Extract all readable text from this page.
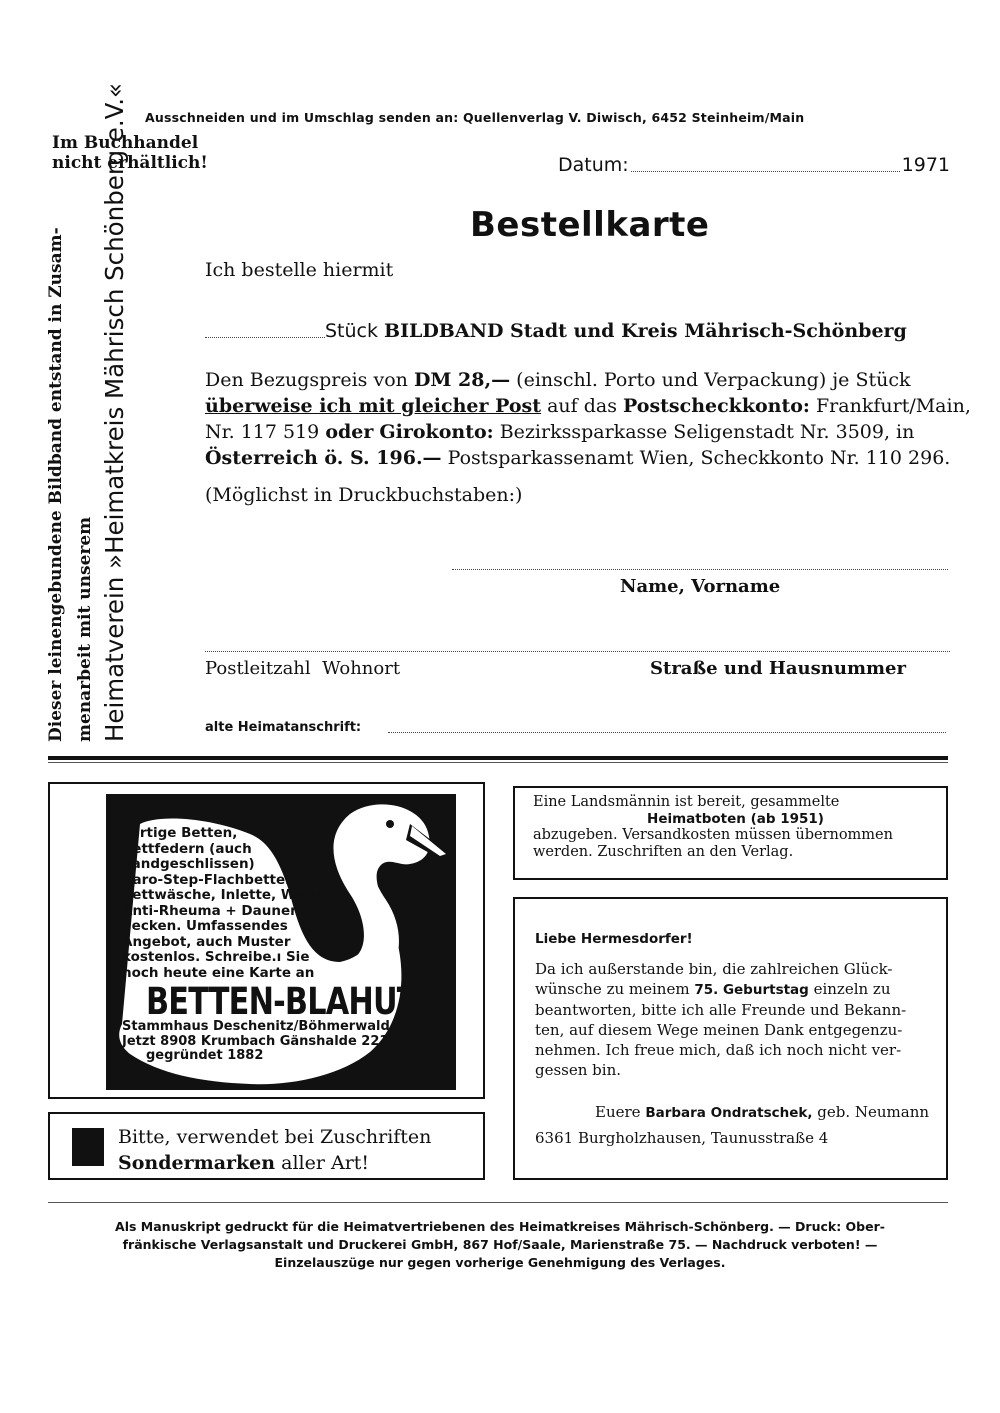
Ausschneiden und im Umschlag senden an: Quellenverlag V. Diwisch, 6452 Steinheim/Main
Im Buchhandel
nicht erhältlich!	Datum:	1971
Dieser leinengebundene Bildband entstand in Zusam- menarbeit mit unserem Heimatverein »Heimatkreis Mährisch Schönberg e.V.«	Bestellkarte
Ich bestelle hiermit
Stück BILDBAND Stadt und Kreis Mährisch-Schönberg
Den Bezugspreis von DM 28,— (einschl. Porto und Verpackung) je Stück
überweise ich mit gleicher Post auf das Postscheckkonto: Frankfurt/Main,
Nr. 117 519 oder Girokonto: Bezirkssparkasse Seligenstadt Nr. 3509, in
Österreich ö. S. 196.— Postsparkassenamt Wien, Scheckkonto Nr. 110 296.
(Möglichst in Druckbuchstaben:)
Name, Vorname
Postleitzahl  Wohnort	Straße und Hausnummer
alte Heimatanschrift:
Fertige Betten,
Bettfedern (auch
handgeschlissen)
Karo-Step-Flachbetten,
Bettwäsche, Inlette, Woll-
Anti-Rheuma + Daunen-
decken. Umfassendes
Angebot, auch Muster
kostenlos. Schreibe.ı Sie
noch heute eine Karte an
BETTEN-BLAHUT
Stammhaus Deschenitz/Böhmerwald
Jetzt 8908 Krumbach Gänshalde 221
gegründet 1882
Bitte, verwendet bei Zuschriften
Sondermarken aller Art!
Eine Landsmännin ist bereit, gesammelte
Heimatboten (ab 1951)
abzugeben. Versandkosten müssen übernommen
werden. Zuschriften an den Verlag.
Liebe Hermesdorfer!
Da ich außerstande bin, die zahlreichen Glück-
wünsche zu meinem 75. Geburtstag einzeln zu
beantworten, bitte ich alle Freunde und Bekann-
ten, auf diesem Wege meinen Dank entgegenzu-
nehmen. Ich freue mich, daß ich noch nicht ver-
gessen bin.
Euere Barbara Ondratschek, geb. Neumann
6361 Burgholzhausen, Taunusstraße 4
Als Manuskript gedruckt für die Heimatvertriebenen des Heimatkreises Mährisch-Schönberg. — Druck: Ober-
fränkische Verlagsanstalt und Druckerei GmbH, 867 Hof/Saale, Marienstraße 75. — Nachdruck verboten! —
Einzelauszüge nur gegen vorherige Genehmigung des Verlages.
